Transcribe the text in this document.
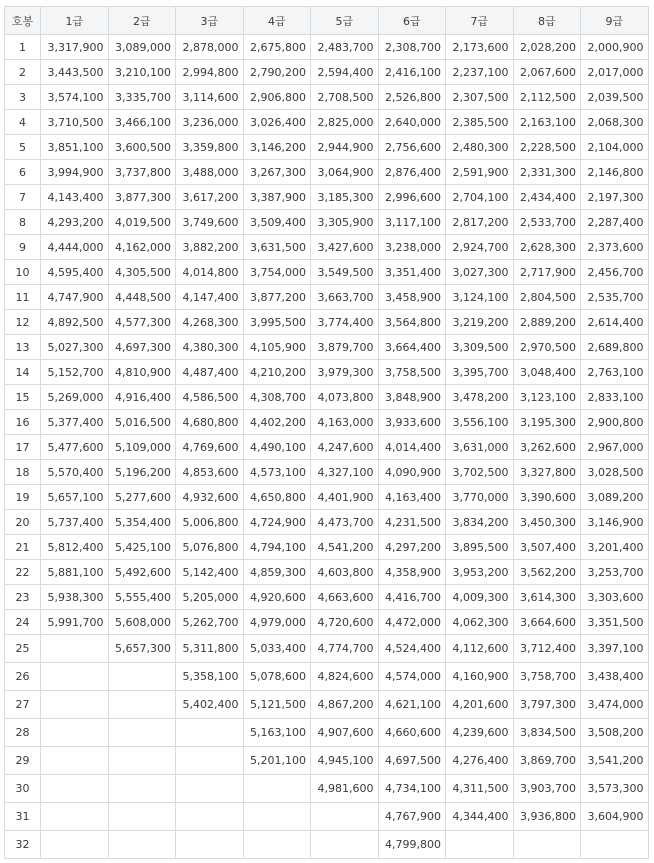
호봉	1급	2급	3급	4급	5급	6급	7급	8급	9급
1	3,317,900	3,089,000	2,878,000	2,675,800	2,483,700	2,308,700	2,173,600	2,028,200	2,000,900
2	3,443,500	3,210,100	2,994,800	2,790,200	2,594,400	2,416,100	2,237,100	2,067,600	2,017,000
3	3,574,100	3,335,700	3,114,600	2,906,800	2,708,500	2,526,800	2,307,500	2,112,500	2,039,500
4	3,710,500	3,466,100	3,236,000	3,026,400	2,825,000	2,640,000	2,385,500	2,163,100	2,068,300
5	3,851,100	3,600,500	3,359,800	3,146,200	2,944,900	2,756,600	2,480,300	2,228,500	2,104,000
6	3,994,900	3,737,800	3,488,000	3,267,300	3,064,900	2,876,400	2,591,900	2,331,300	2,146,800
7	4,143,400	3,877,300	3,617,200	3,387,900	3,185,300	2,996,600	2,704,100	2,434,400	2,197,300
8	4,293,200	4,019,500	3,749,600	3,509,400	3,305,900	3,117,100	2,817,200	2,533,700	2,287,400
9	4,444,000	4,162,000	3,882,200	3,631,500	3,427,600	3,238,000	2,924,700	2,628,300	2,373,600
10	4,595,400	4,305,500	4,014,800	3,754,000	3,549,500	3,351,400	3,027,300	2,717,900	2,456,700
11	4,747,900	4,448,500	4,147,400	3,877,200	3,663,700	3,458,900	3,124,100	2,804,500	2,535,700
12	4,892,500	4,577,300	4,268,300	3,995,500	3,774,400	3,564,800	3,219,200	2,889,200	2,614,400
13	5,027,300	4,697,300	4,380,300	4,105,900	3,879,700	3,664,400	3,309,500	2,970,500	2,689,800
14	5,152,700	4,810,900	4,487,400	4,210,200	3,979,300	3,758,500	3,395,700	3,048,400	2,763,100
15	5,269,000	4,916,400	4,586,500	4,308,700	4,073,800	3,848,900	3,478,200	3,123,100	2,833,100
16	5,377,400	5,016,500	4,680,800	4,402,200	4,163,000	3,933,600	3,556,100	3,195,300	2,900,800
17	5,477,600	5,109,000	4,769,600	4,490,100	4,247,600	4,014,400	3,631,000	3,262,600	2,967,000
18	5,570,400	5,196,200	4,853,600	4,573,100	4,327,100	4,090,900	3,702,500	3,327,800	3,028,500
19	5,657,100	5,277,600	4,932,600	4,650,800	4,401,900	4,163,400	3,770,000	3,390,600	3,089,200
20	5,737,400	5,354,400	5,006,800	4,724,900	4,473,700	4,231,500	3,834,200	3,450,300	3,146,900
21	5,812,400	5,425,100	5,076,800	4,794,100	4,541,200	4,297,200	3,895,500	3,507,400	3,201,400
22	5,881,100	5,492,600	5,142,400	4,859,300	4,603,800	4,358,900	3,953,200	3,562,200	3,253,700
23	5,938,300	5,555,400	5,205,000	4,920,600	4,663,600	4,416,700	4,009,300	3,614,300	3,303,600
24	5,991,700	5,608,000	5,262,700	4,979,000	4,720,600	4,472,000	4,062,300	3,664,600	3,351,500
25		5,657,300	5,311,800	5,033,400	4,774,700	4,524,400	4,112,600	3,712,400	3,397,100
26			5,358,100	5,078,600	4,824,600	4,574,000	4,160,900	3,758,700	3,438,400
27			5,402,400	5,121,500	4,867,200	4,621,100	4,201,600	3,797,300	3,474,000
28				5,163,100	4,907,600	4,660,600	4,239,600	3,834,500	3,508,200
29				5,201,100	4,945,100	4,697,500	4,276,400	3,869,700	3,541,200
30					4,981,600	4,734,100	4,311,500	3,903,700	3,573,300
31						4,767,900	4,344,400	3,936,800	3,604,900
32						4,799,800			
